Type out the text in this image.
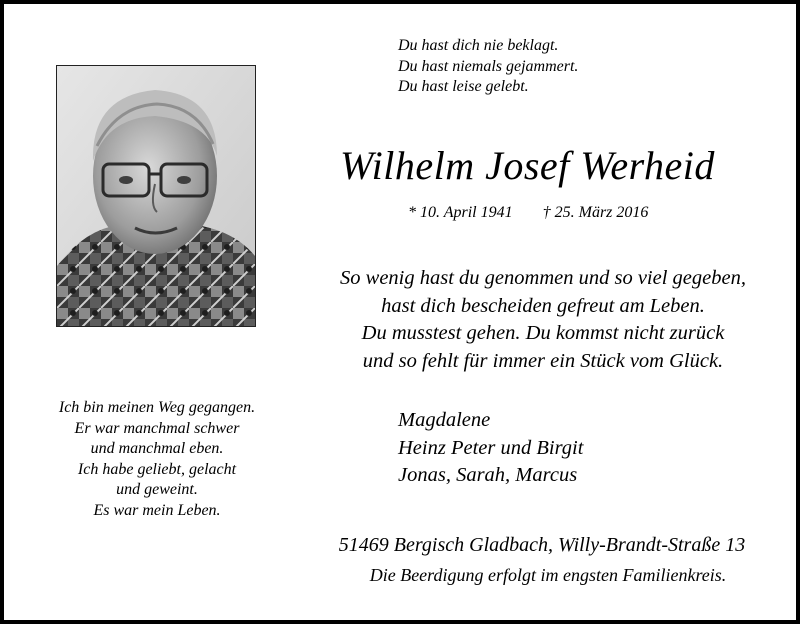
Du hast dich nie beklagt.
Du hast niemals gejammert.
Du hast leise gelebt.
Wilhelm Josef Werheid
* 10. April 1941 † 25. März 2016
So wenig hast du genommen und so viel gegeben,
hast dich bescheiden gefreut am Leben.
Du musstest gehen. Du kommst nicht zurück
und so fehlt für immer ein Stück vom Glück.
Ich bin meinen Weg gegangen.
Er war manchmal schwer
und manchmal eben.
Ich habe geliebt, gelacht
und geweint.
Es war mein Leben.
Magdalene
Heinz Peter und Birgit
Jonas, Sarah, Marcus
51469 Bergisch Gladbach, Willy-Brandt-Straße 13
Die Beerdigung erfolgt im engsten Familienkreis.
